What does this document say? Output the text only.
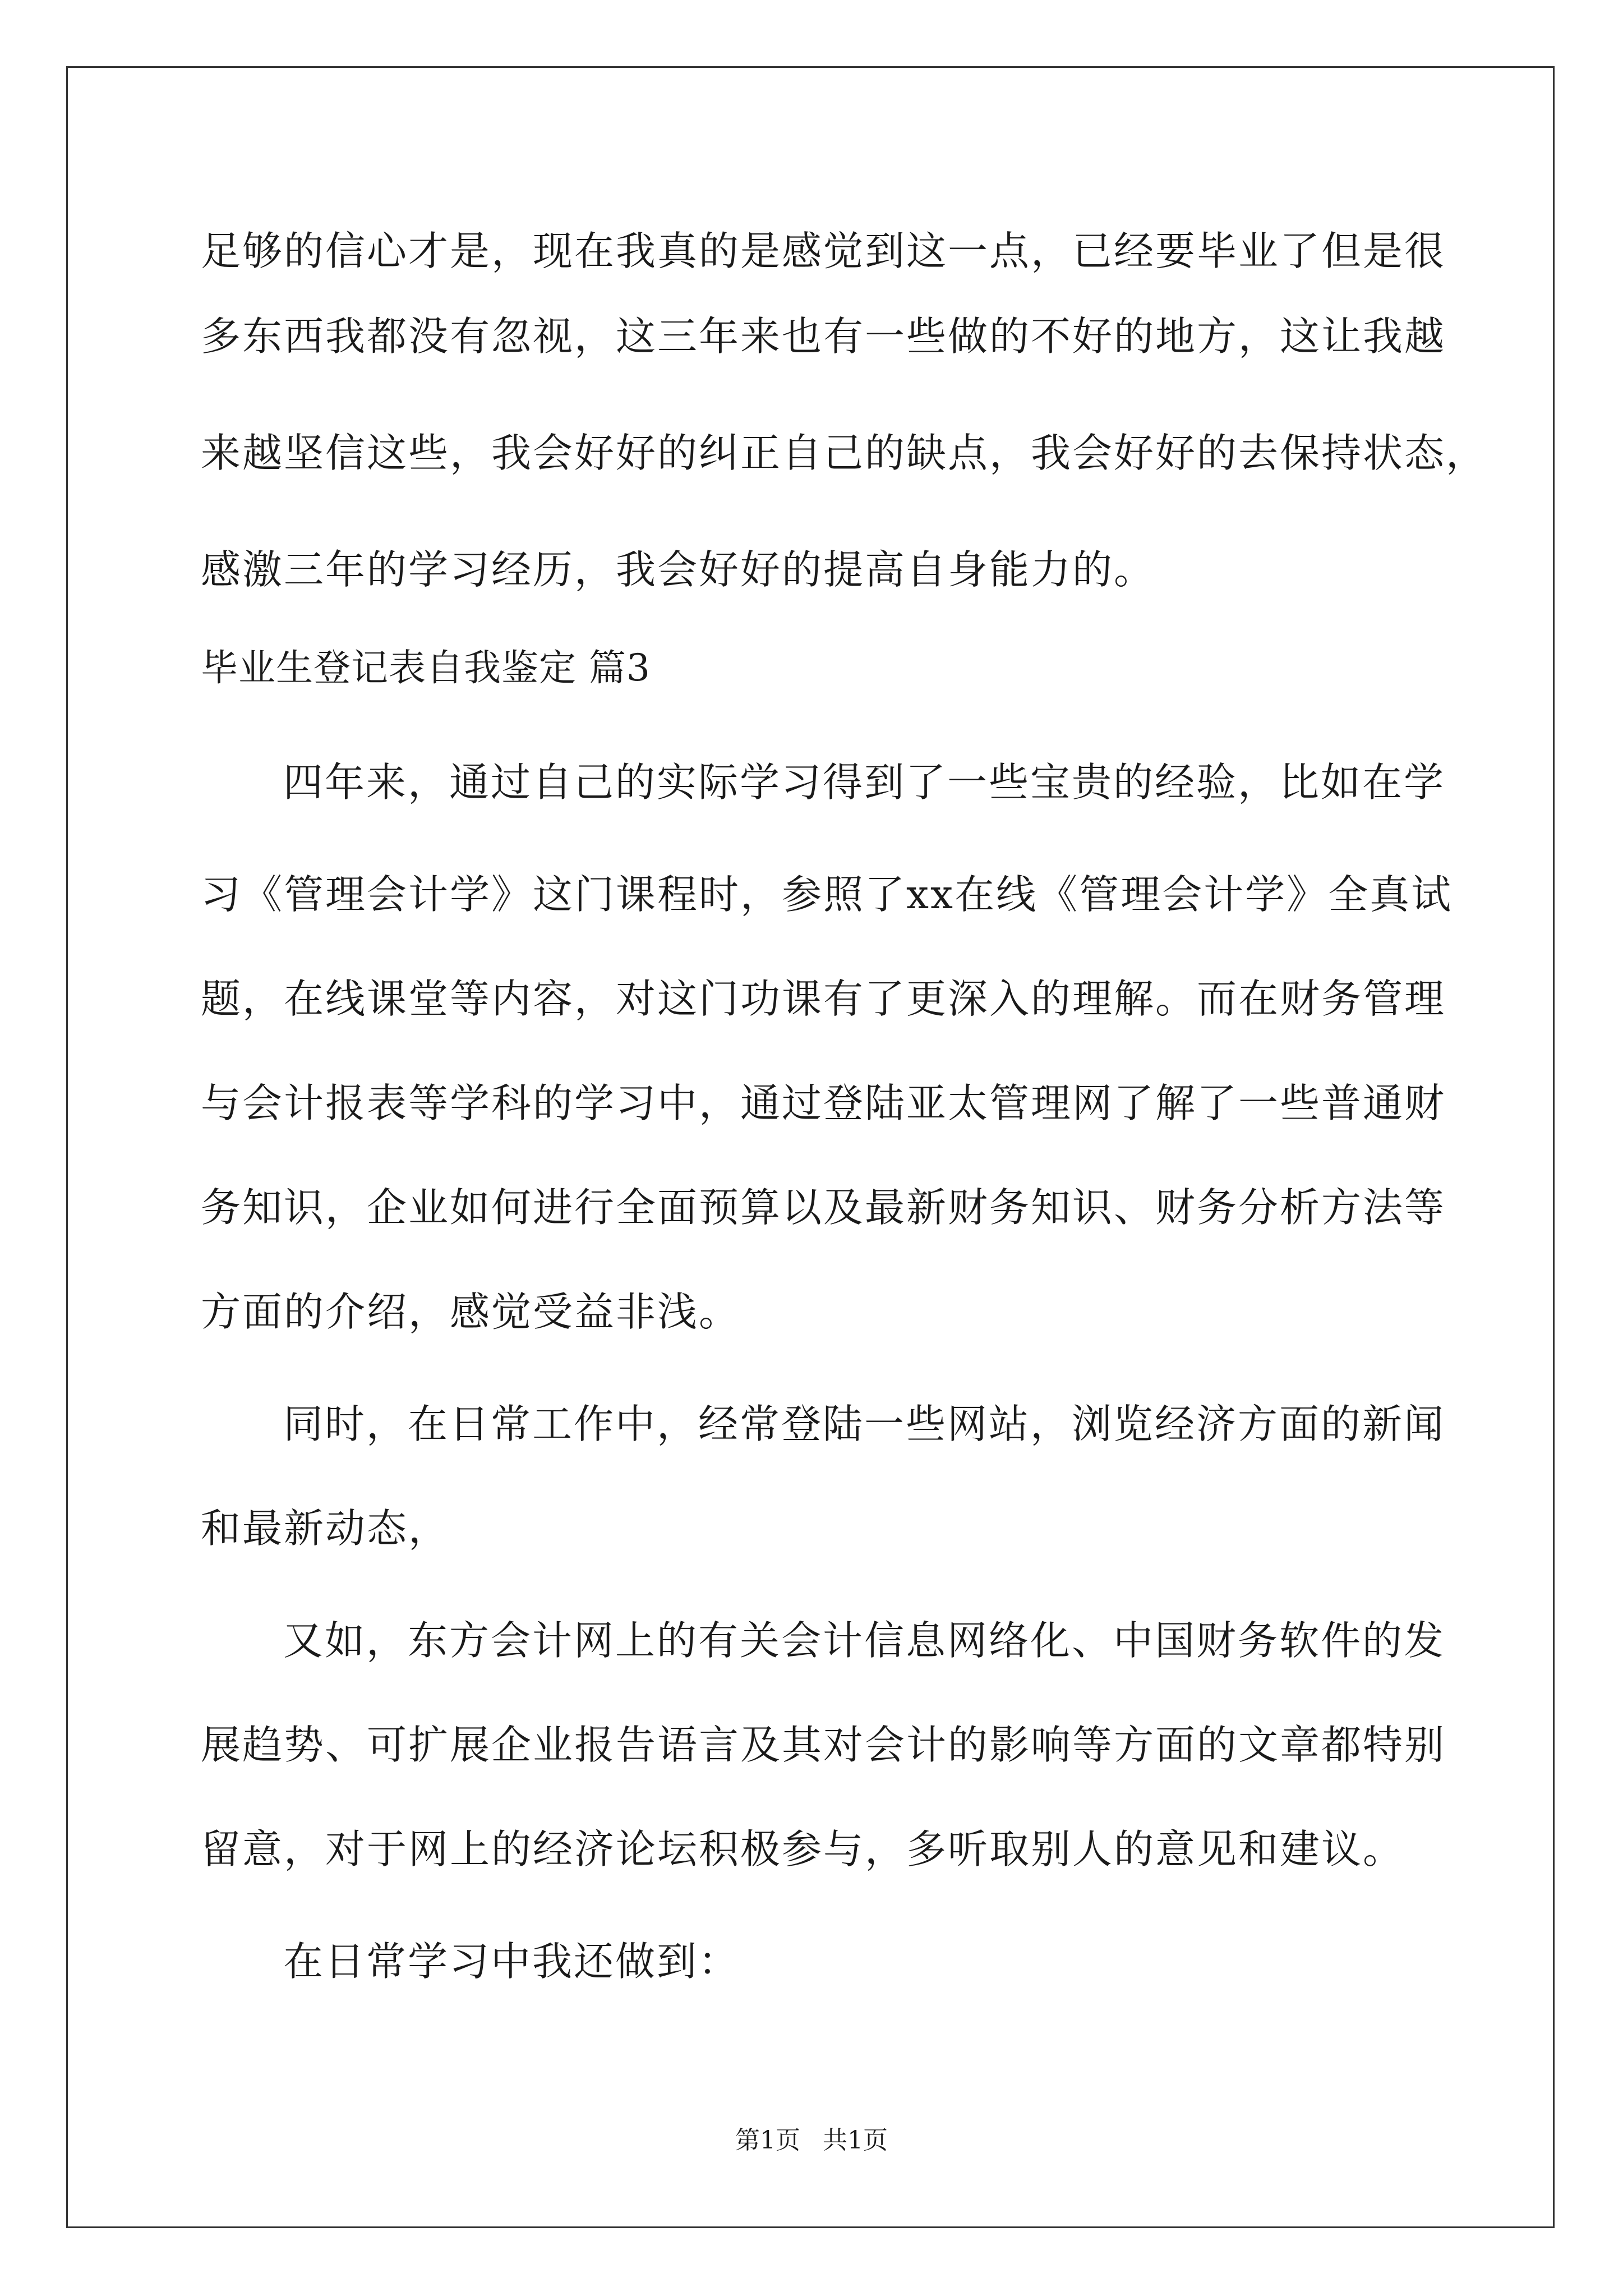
足够的信心才是，现在我真的是感觉到这一点，已经要毕业了但是很
多东西我都没有忽视，这三年来也有一些做的不好的地方，这让我越
来越坚信这些，我会好好的纠正自己的缺点，我会好好的去保持状态，
感激三年的学习经历，我会好好的提高自身能力的。
毕业生登记表自我鉴定 篇3
四年来，通过自己的实际学习得到了一些宝贵的经验，比如在学
习《管理会计学》这门课程时，参照了xx在线《管理会计学》全真试
题，在线课堂等内容，对这门功课有了更深入的理解。而在财务管理
与会计报表等学科的学习中，通过登陆亚太管理网了解了一些普通财
务知识，企业如何进行全面预算以及最新财务知识、财务分析方法等
方面的介绍，感觉受益非浅。
同时，在日常工作中，经常登陆一些网站，浏览经济方面的新闻
和最新动态，
又如，东方会计网上的有关会计信息网络化、中国财务软件的发
展趋势、可扩展企业报告语言及其对会计的影响等方面的文章都特别
留意，对于网上的经济论坛积极参与，多听取别人的意见和建议。
在日常学习中我还做到：
第1页 共1页
